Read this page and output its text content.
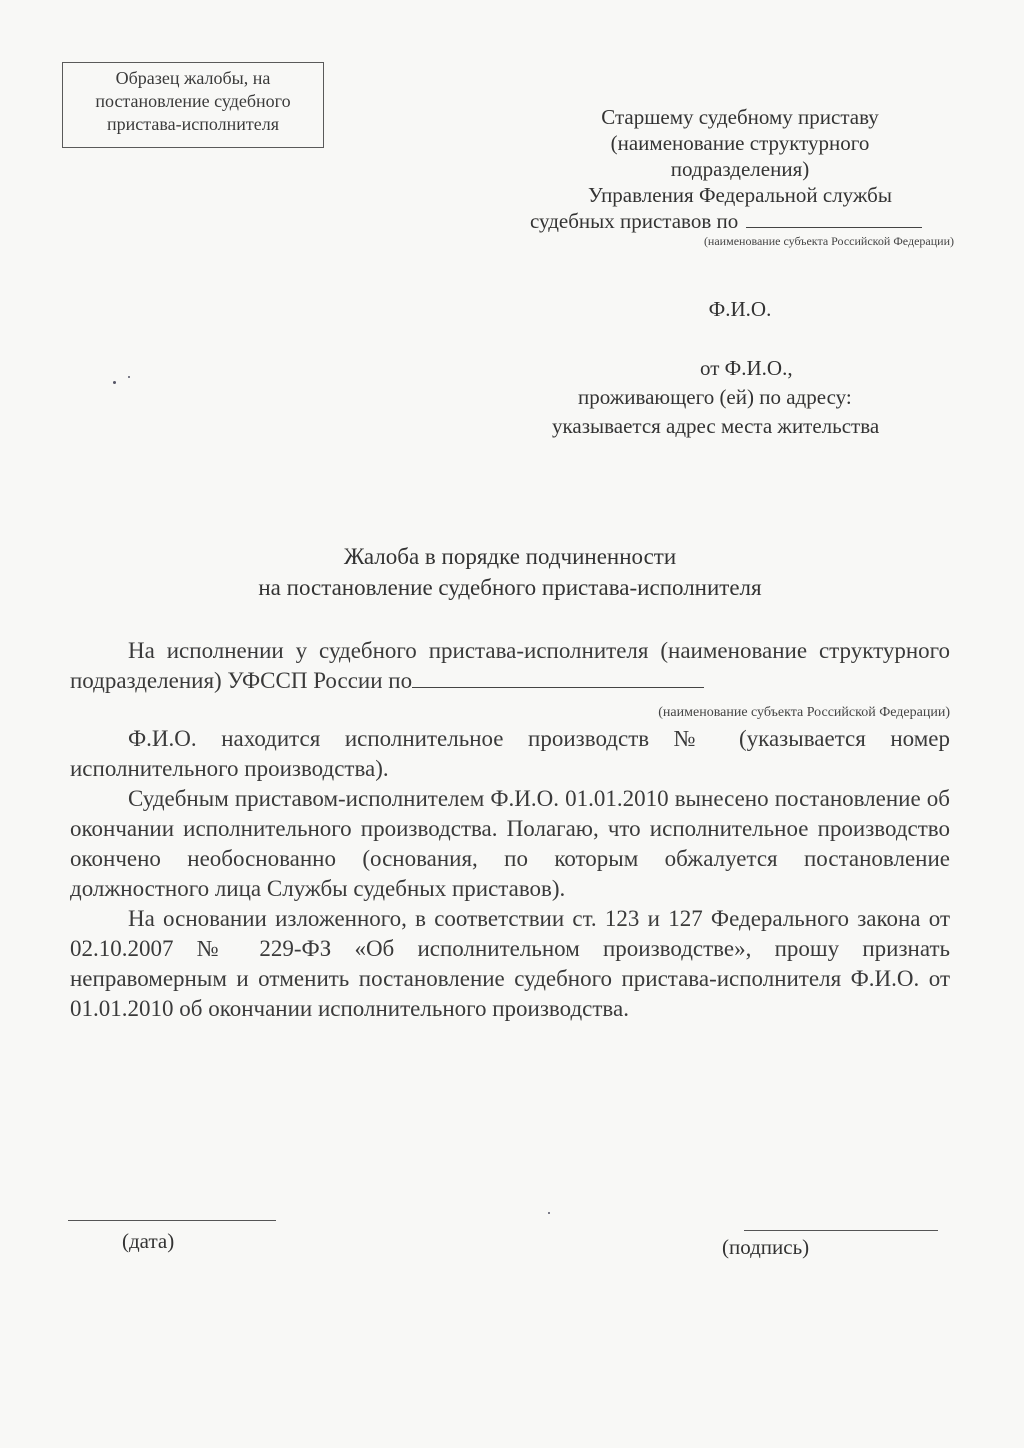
Образец жалобы, на
постановление судебного
пристава-исполнителя	Старшему судебному приставу
(наименование структурного
подразделения)
Управления Федеральной службы
судебных приставов по
(наименование субъекта Российской Федерации)
Ф.И.О.
от Ф.И.О.,
проживающего (ей) по адресу:
указывается адрес места жительства
Жалоба в порядке подчиненности
на постановление судебного пристава-исполнителя

На исполнении у судебного пристава-исполнителя (наименование структурного подразделения) УФССП России по

(наименование субъекта Российской Федерации)

Ф.И.О. находится исполнительное производств № (указывается номер исполнительного производства).

Судебным приставом-исполнителем Ф.И.О. 01.01.2010 вынесено постановление об окончании исполнительного производства. Полагаю, что исполнительное производство окончено необоснованно (основания, по которым обжалуется постановление должностного лица Службы судебных приставов).

На основании изложенного, в соответствии ст. 123 и 127 Федерального закона от 02.10.2007 № 229-ФЗ «Об исполнительном производстве», прошу признать неправомерным и отменить постановление судебного пристава-исполнителя Ф.И.О. от 01.01.2010 об окончании исполнительного производства.

(дата)	(подпись)
